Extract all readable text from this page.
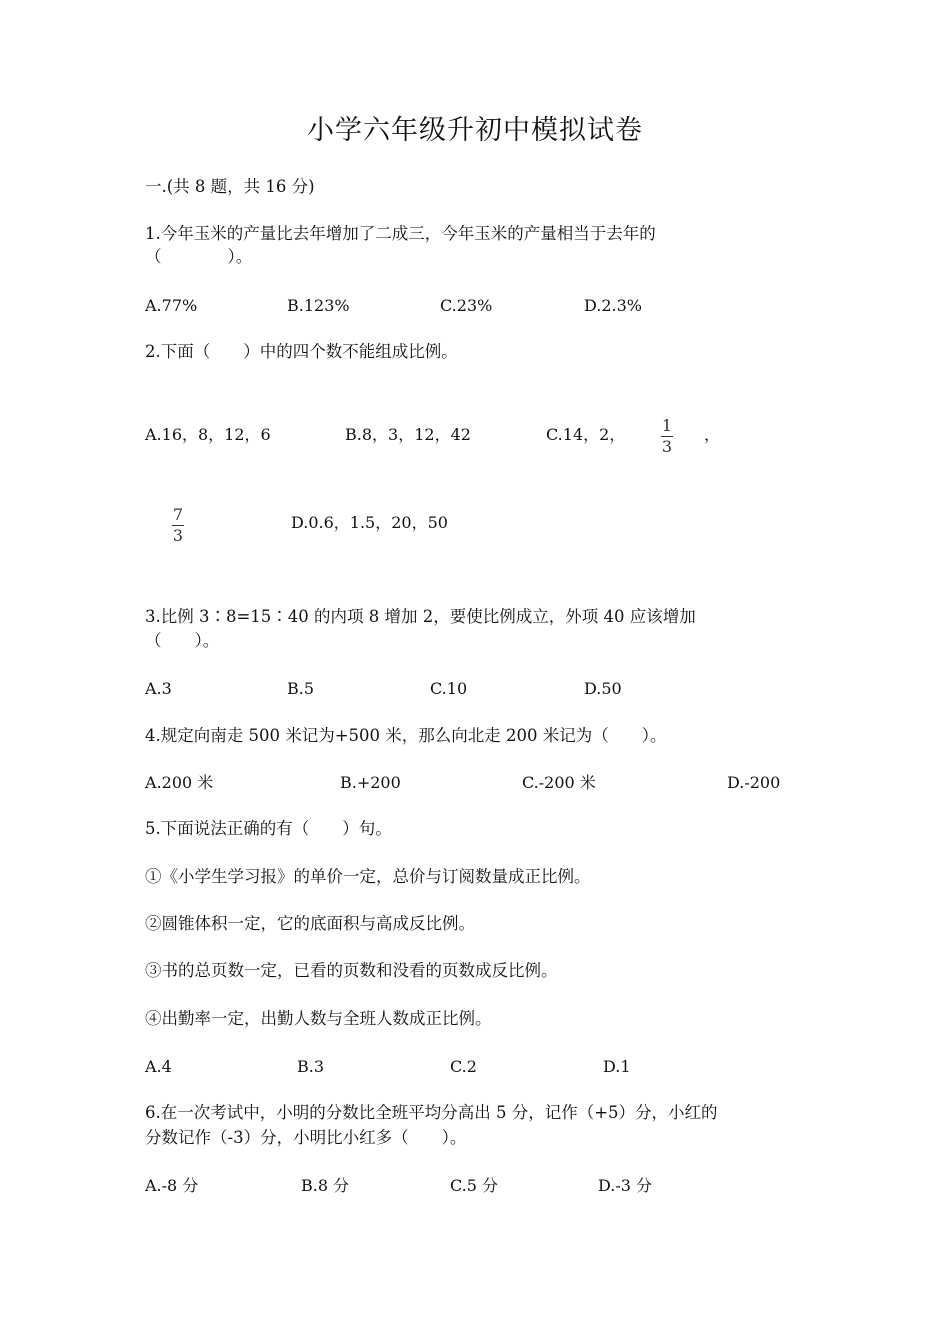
小学六年级升初中模拟试卷
一.(共 8 题，共 16 分)
1.今年玉米的产量比去年增加了二成三，今年玉米的产量相当于去年的
（　　　　）。
A.77%	B.123%	C.23%	D.2.3%
2.下面（　　）中的四个数不能组成比例。
A.16，8，12，6	B.8，3，12，42	C.14，2， 1
3
，
7
3
D.0.6，1.5，20，50
3.比例 3∶8=15∶40 的内项 8 增加 2，要使比例成立，外项 40 应该增加
（　　）。
A.3	B.5	C.10	D.50
4.规定向南走 500 米记为+500 米，那么向北走 200 米记为（　　）。
A.200 米	B.+200	C.-200 米	D.-200
5.下面说法正确的有（　　）句。
①《小学生学习报》的单价一定，总价与订阅数量成正比例。
②圆锥体积一定，它的底面积与高成反比例。
③书的总页数一定，已看的页数和没看的页数成反比例。
④出勤率一定，出勤人数与全班人数成正比例。
A.4	B.3	C.2	D.1
6.在一次考试中，小明的分数比全班平均分高出 5 分，记作（+5）分，小红的
分数记作（-3）分，小明比小红多（　　）。
A.-8 分	B.8 分	C.5 分	D.-3 分
